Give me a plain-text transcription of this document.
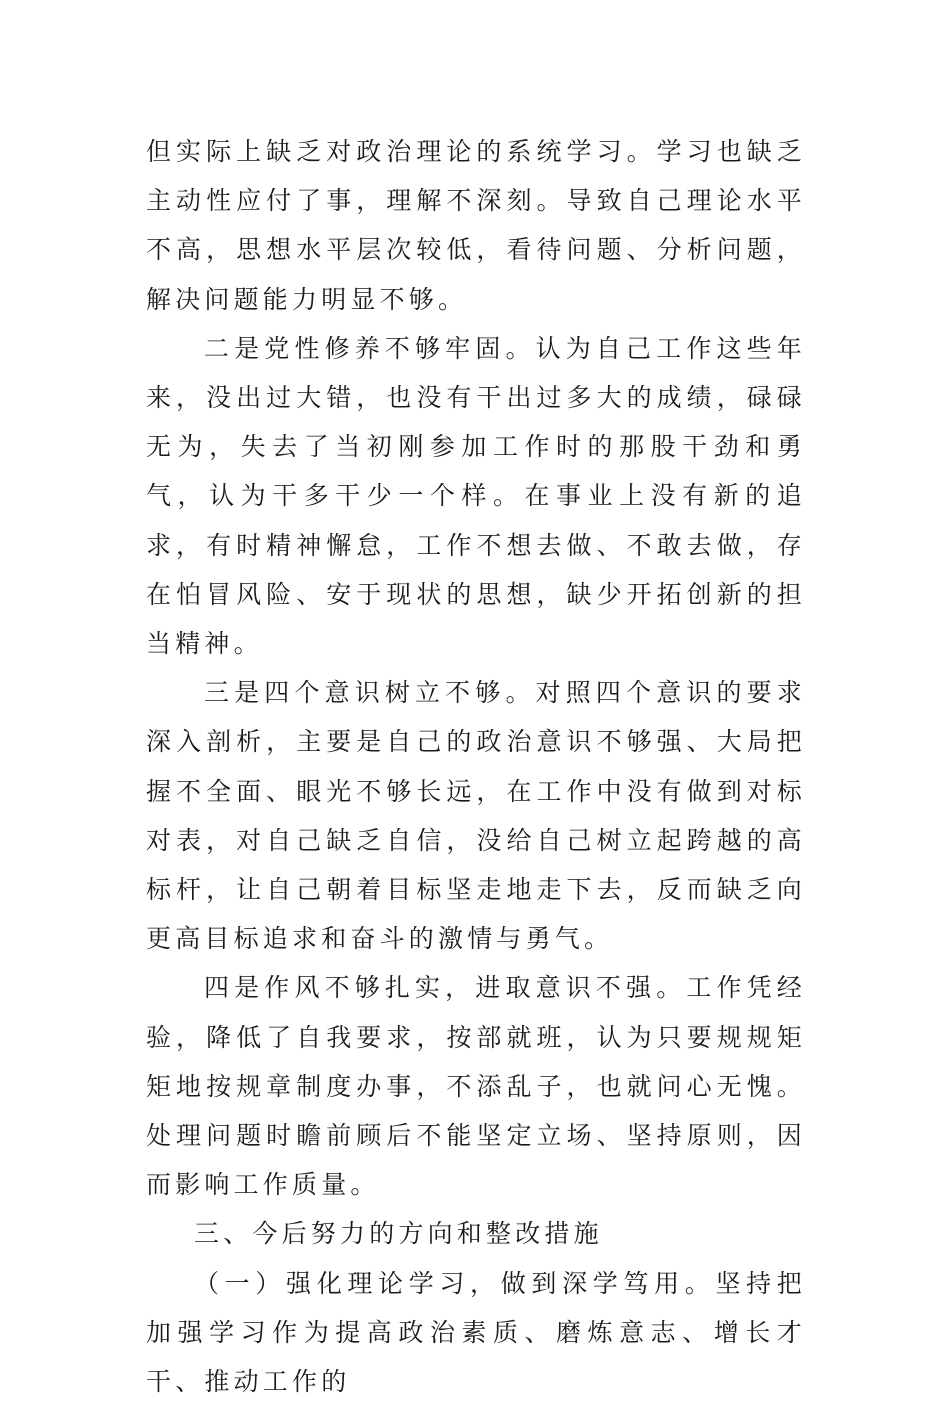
但实际上缺乏对政治理论的系统学习。学习也缺乏主动性应付了事，理解不深刻。导致自己理论水平不高，思想水平层次较低，看待问题、分析问题，解决问题能力明显不够。

二是党性修养不够牢固。认为自己工作这些年来，没出过大错，也没有干出过多大的成绩，碌碌无为，失去了当初刚参加工作时的那股干劲和勇气，认为干多干少一个样。在事业上没有新的追求，有时精神懈怠，工作不想去做、不敢去做，存在怕冒风险、安于现状的思想，缺少开拓创新的担当精神。

三是四个意识树立不够。对照四个意识的要求深入剖析，主要是自己的政治意识不够强、大局把握不全面、眼光不够长远，在工作中没有做到对标对表，对自己缺乏自信，没给自己树立起跨越的高标杆，让自己朝着目标坚走地走下去，反而缺乏向更高目标追求和奋斗的激情与勇气。

四是作风不够扎实，进取意识不强。工作凭经验，降低了自我要求，按部就班，认为只要规规矩矩地按规章制度办事，不添乱子，也就问心无愧。处理问题时瞻前顾后不能坚定立场、坚持原则，因而影响工作质量。

三、今后努力的方向和整改措施

（一）强化理论学习，做到深学笃用。坚持把加强学习作为提高政治素质、磨炼意志、增长才干、推动工作的
